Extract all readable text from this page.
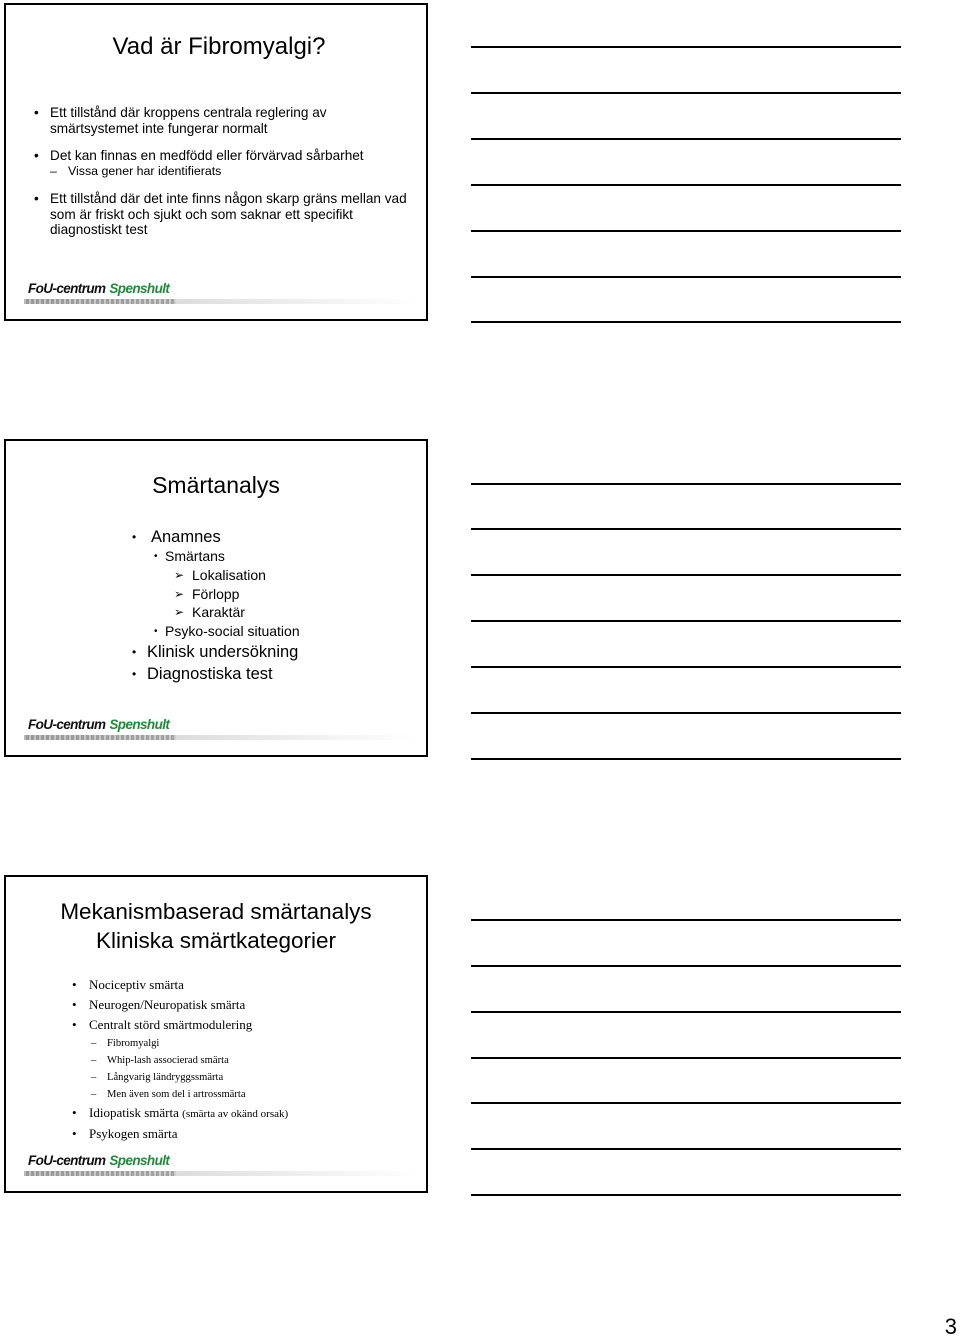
Vad är Fibromyalgi?
• Ett tillstånd där kroppens centrala reglering av smärtsystemet inte fungerar normalt
• Det kan finnas en medfödd eller förvärvad sårbarhet
– Vissa gener har identifierats
• Ett tillstånd där det inte finns någon skarp gräns mellan vad som är friskt och sjukt och som saknar ett specifikt diagnostiskt test
FoU-centrum Spenshult
Smärtanalys
• Anamnes
• Smärtans
➢ Lokalisation
➢ Förlopp
➢ Karaktär
• Psyko-social situation
• Klinisk undersökning
• Diagnostiska test
FoU-centrum Spenshult
Mekanismbaserad smärtanalys
Kliniska smärtkategorier
• Nociceptiv smärta
• Neurogen/Neuropatisk smärta
• Centralt störd smärtmodulering
– Fibromyalgi
– Whip-lash associerad smärta
– Långvarig ländryggssmärta
– Men även som del i artrossmärta
• Idiopatisk smärta (smärta av okänd orsak)
• Psykogen smärta
FoU-centrum Spenshult
3
